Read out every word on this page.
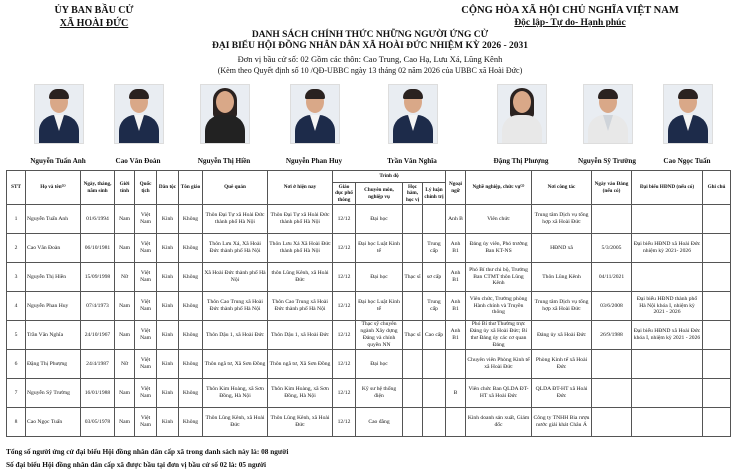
ỦY BAN BẦU CỬ
XÃ HOÀI ĐỨC
CỘNG HÒA XÃ HỘI CHỦ NGHĨA VIỆT NAM
Độc lập- Tự do- Hạnh phúc
DANH SÁCH CHÍNH THỨC NHỮNG NGƯỜI ỨNG CỬ
ĐẠI BIỂU HỘI ĐỒNG NHÂN DÂN XÃ HOÀI ĐỨC NHIỆM KỲ 2026 - 2031
Đơn vị bầu cử số: 02 Gồm các thôn: Cao Trung, Cao Hạ, Lưu Xá, Lũng Kênh
(Kèm theo Quyết định số 10 /QĐ-UBBC ngày 13 tháng 02 năm 2026 của UBBC xã Hoài Đức)
Nguyễn Tuấn Anh	Cao Văn Đoàn	Nguyễn Thị Hiền	Nguyễn Phan Huy	Trần Văn Nghĩa	Đặng Thị Phượng	Nguyễn Sỹ Trường	Cao Ngọc Tuấn
STT	Họ và tên⁽¹⁾	Ngày, tháng, năm sinh	Giới tính	Quốc tịch	Dân tộc	Tôn giáo	Quê quán	Nơi ở hiện nay	Trình độ				Ngoại ngữ	Nghề nghiệp, chức vụ⁽²⁾	Nơi công tác	Ngày vào Đảng (nếu có)	Đại biểu HĐND (nếu có)	Ghi chú
									Giáo dục phổ thông	Chuyên môn, nghiệp vụ	Học hàm, học vị	Lý luận chính trị						
1	Nguyễn Tuấn Anh	01/6/1994	Nam	Việt Nam	Kinh	Không	Thôn Đại Tự xã Hoài Đức thành phố Hà Nội	Thôn Đại Tự xã Hoài Đức thành phố Hà Nội	12/12	Đại học			Anh B	Viên chức	Trung tâm Dịch vụ tổng hợp xã Hoài Đức			
2	Cao Văn Đoàn	06/10/1981	Nam	Việt Nam	Kinh	Không	Thôn Lưu Xá, Xã Hoài Đức thành phố Hà Nội	Thôn Lưu Xá Xã Hoài Đức thành phố Hà Nội	12/12	Đại học Luật Kinh tế		Trung cấp	Anh B1	Đảng ủy viên, Phó trưởng Ban KT-NS	HĐND xã	5/3/2005	Đại biểu HĐND xã Hoài Đức nhiệm kỳ 2021- 2026	
3	Nguyễn Thị Hiền	15/09/1998	Nữ	Việt Nam	Kinh	Không	Xã Hoài Đức thành phố Hà Nội	thôn Lũng Kênh, xã Hoài Đức	12/12	Đại học	Thạc sĩ	sơ cấp	Anh B1	Phó Bí thư chi bộ, Trưởng Ban CTMT thôn Lũng Kênh	Thôn Lũng Kênh	04/11/2021		
4	Nguyễn Phan Huy	07/4/1973	Nam	Việt Nam	Kinh	Không	Thôn Cao Trung xã Hoài Đức thành phố Hà Nội	Thôn Cao Trung xã Hoài Đức thành phố Hà Nội	12/12	Đại học Luật Kinh tế		Trung cấp	Anh B1	Viên chức, Trưởng phòng Hành chính và Truyền thông	Trung tâm Dịch vụ tổng hợp xã Hoài Đức	03/6/2008	Đại biểu HĐND thành phố Hà Nội khóa I, nhiệm kỳ 2021 - 2026	
5	Trần Văn Nghĩa	24/10/1967	Nam	Việt Nam	Kinh	Không	Thôn Dậu 1, xã Hoài Đức	Thôn Dậu 1, xã Hoài Đức	12/12	Thạc sỹ chuyên ngành Xây dựng Đảng và chính quyền NN	Thạc sĩ	Cao cấp	Anh B1	Phó Bí thư Thường trực Đảng ủy xã Hoài Đức; Bí thư Đảng ủy các cơ quan Đảng	Đảng ủy xã Hoài Đức	26/9/1988	Đại biểu HĐND xã Hoài Đức khóa I, nhiệm kỳ 2021 - 2026	
6	Đặng Thị Phượng	24/4/1987	Nữ	Việt Nam	Kinh	Không	Thôn ngã tư, Xã Sơn Đồng	Thôn ngã tư, Xã Sơn Đồng	12/12	Đại học				Chuyên viên Phòng Kinh tế xã Hoài Đức	Phòng Kinh tế xã Hoài Đức			
7	Nguyễn Sỹ Trường	16/01/1988	Nam	Việt Nam	Kinh	Không	Thôn Kim Hoàng, xã Sơn Đồng, Hà Nội	Thôn Kim Hoàng, xã Sơn Đồng, Hà Nội	12/12	Kỹ sư hệ thống điện			B	Viên chức Ban QLDA ĐT-HT xã Hoài Đức	QLDA ĐT-HT xã Hoài Đức			
8	Cao Ngọc Tuấn	03/05/1978	Nam	Việt Nam	Kinh	Không	Thôn Lũng Kênh, xã Hoài Đức	Thôn Lũng Kênh, xã Hoài Đức	12/12	Cao đẳng				Kinh doanh sản xuất, Giám đốc	Công ty TNHH Bia rượu nước giải khát Châu Á			
Tổng số người ứng cử đại biểu Hội đồng nhân dân cấp xã trong danh sách này là: 08 người
Số đại biểu Hội đồng nhân dân cấp xã được bầu tại đơn vị bầu cử số 02 là: 05 người
